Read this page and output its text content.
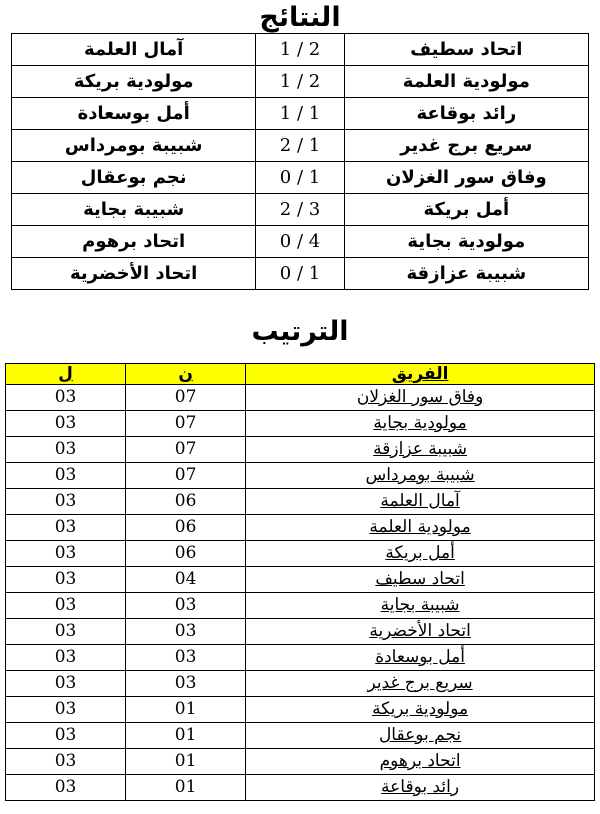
النتائج
اتحاد سطيف	1 / 2	آمال العلمة
مولودية العلمة	1 / 2	مولودية بريكة
رائد بوقاعة	1 / 1	أمل بوسعادة
سريع برج غدير	2 / 1	شبيبة بومرداس
وفاق سور الغزلان	0 / 1	نجم بوعقال
أمل بريكة	2 / 3	شبيبة بجاية
مولودية بجاية	0 / 4	اتحاد برهوم
شبيبة عزازقة	0 / 1	اتحاد الأخضرية
الترتيب
الفريق	ن	ل
وفاق سور الغزلان	07	03
مولودية بجاية	07	03
شبيبة عزازقة	07	03
شبيبة بومرداس	07	03
آمال العلمة	06	03
مولودية العلمة	06	03
أمل بريكة	06	03
اتحاد سطيف	04	03
شبيبة بجاية	03	03
اتحاد الأخضرية	03	03
أمل بوسعادة	03	03
سريع برج غدير	03	03
مولودية بريكة	01	03
نجم بوعقال	01	03
اتحاد برهوم	01	03
رائد بوقاعة	01	03
